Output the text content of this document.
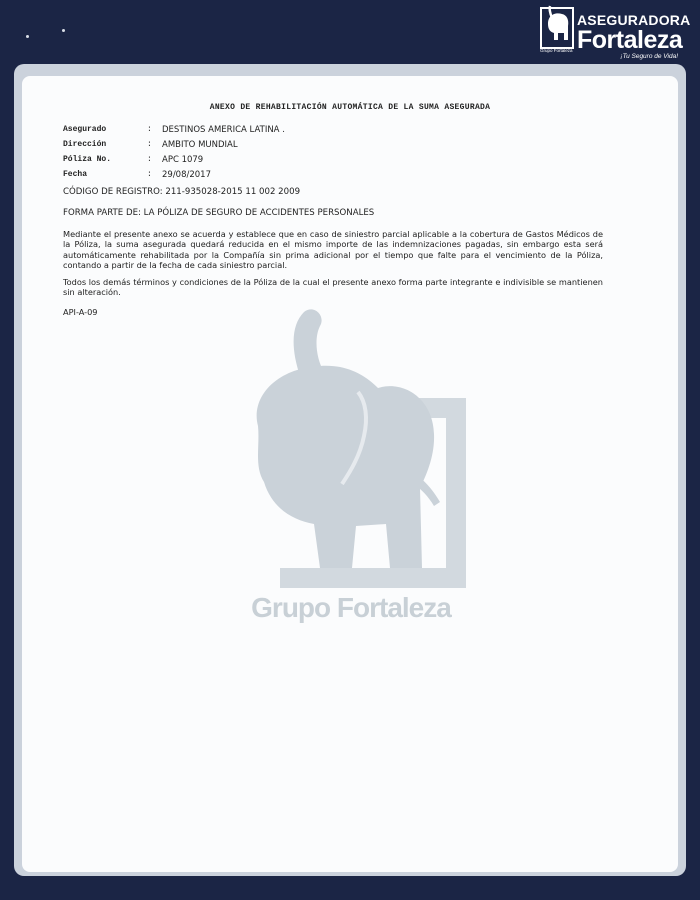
Grupo Fortaleza
ASEGURADORA
Fortaleza
¡Tu Seguro de Vida!
Grupo Fortaleza
ANEXO DE REHABILITACIÓN AUTOMÁTICA DE LA SUMA ASEGURADA
Asegurado	: DESTINOS AMERICA LATINA .
Dirección	: AMBITO MUNDIAL
Póliza No.	: APC 1079
Fecha	: 29/08/2017
CÓDIGO DE REGISTRO: 211-935028-2015 11 002 2009
FORMA PARTE DE: LA PÓLIZA DE SEGURO DE ACCIDENTES PERSONALES
Mediante el presente anexo se acuerda y establece que en caso de siniestro parcial aplicable a la cobertura de Gastos Médicos de la Póliza, la suma asegurada quedará reducida en el mismo importe de las indemnizaciones pagadas, sin embargo esta será automáticamente rehabilitada por la Compañía sin prima adicional por el tiempo que falte para el vencimiento de la Póliza, contando a partir de la fecha de cada siniestro parcial.
Todos los demás términos y condiciones de la Póliza de la cual el presente anexo forma parte integrante e indivisible se mantienen sin alteración.
API-A-09
